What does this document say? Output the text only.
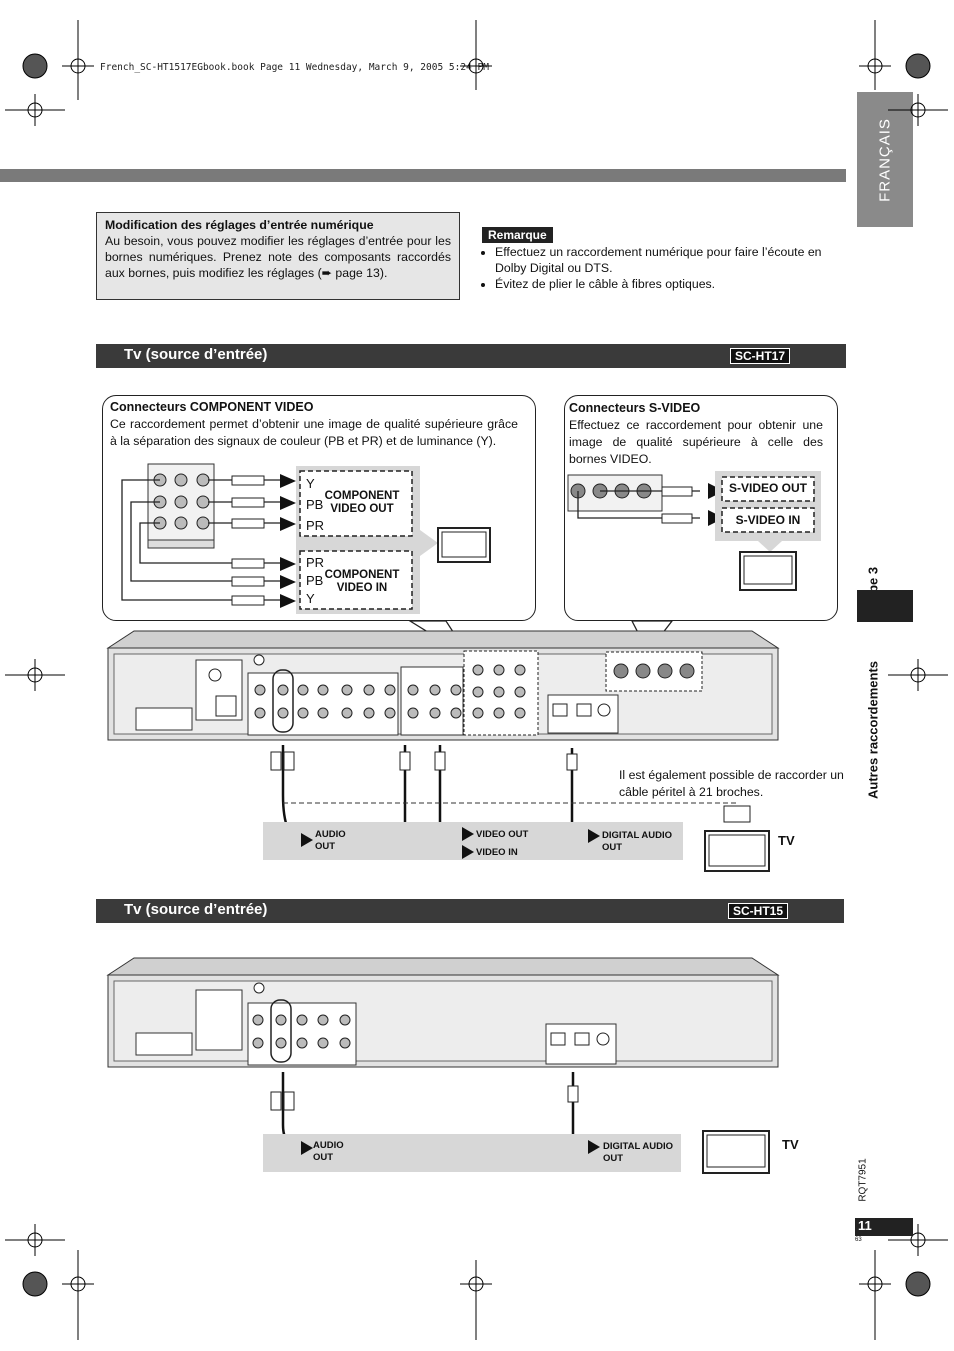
French_SC-HT1517EGbook.book Page 11 Wednesday, March 9, 2005 5:24 PM
FRANÇAIS
Autres raccordements
Modification des réglages d’entrée numérique

Au besoin, vous pouvez modifier les réglages d’entrée pour les bornes numériques. Prenez note des composants raccordés aux bornes, puis modifiez les réglages (➨ page 13).

Remarque
• Effectuez un raccordement numérique pour faire l’écoute en Dolby Digital ou DTS.
• Évitez de plier le câble à fibres optiques.
Tv (source d’entrée)	SC-HT17
Connecteurs COMPONENT VIDEO
Ce raccordement permet d’obtenir une image de qualité supérieure grâce à la séparation des signaux de couleur (PB et PR) et de luminance (Y).
Connecteurs S-VIDEO
Effectuez ce raccordement pour obtenir une image de qualité supérieure à celle des bornes VIDEO.
Y
PB
PR
COMPONENT VIDEO OUT
PR
PB
Y
COMPONENT VIDEO IN
S-VIDEO OUT
S-VIDEO IN
Il est également possible de raccorder un câble péritel à 21 broches.
AUDIO OUT
VIDEO OUT
VIDEO IN
DIGITAL AUDIO OUT	TV
Tv (source d’entrée)	SC-HT15
AUDIO OUT
DIGITAL AUDIO OUT
TV
RQT7951
11
63
